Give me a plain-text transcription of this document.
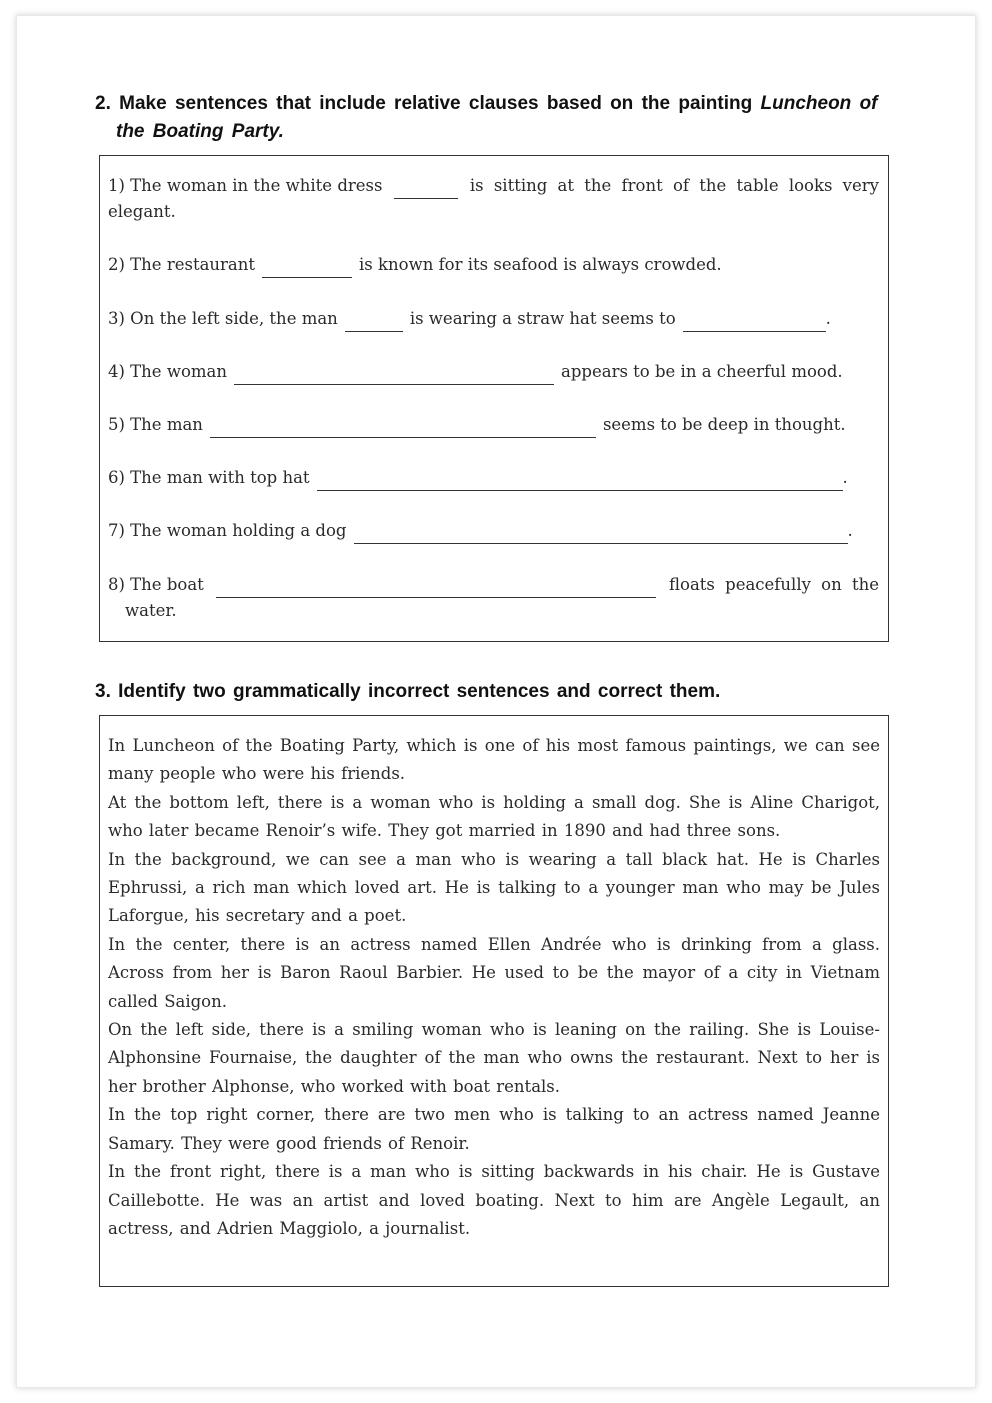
2. Make sentences that include relative clauses based on the painting Luncheon of
the Boating Party.
1) The woman in the white dress	is sitting at the front of the table looks very
elegant.
2) The restaurant	is known for its seafood is always crowded.
3) On the left side, the man	is wearing a straw hat seems to	.
4) The woman	appears to be in a cheerful mood.
5) The man	seems to be deep in thought.
6) The man with top hat	.
7) The woman holding a dog	.
8) The boat	floats peacefully on the
water.
3. Identify two grammatically incorrect sentences and correct them.

In Luncheon of the Boating Party, which is one of his most famous paintings, we can see many people who were his friends.

At the bottom left, there is a woman who is holding a small dog. She is Aline Charigot, who later became Renoir’s wife. They got married in 1890 and had three sons.

In the background, we can see a man who is wearing a tall black hat. He is Charles Ephrussi, a rich man which loved art. He is talking to a younger man who may be Jules Laforgue, his secretary and a poet.

In the center, there is an actress named Ellen Andrée who is drinking from a glass. Across from her is Baron Raoul Barbier. He used to be the mayor of a city in Vietnam called Saigon.

On the left side, there is a smiling woman who is leaning on the railing. She is Louise-Alphonsine Fournaise, the daughter of the man who owns the restaurant. Next to her is her brother Alphonse, who worked with boat rentals.

In the top right corner, there are two men who is talking to an actress named Jeanne Samary. They were good friends of Renoir.

In the front right, there is a man who is sitting backwards in his chair. He is Gustave Caillebotte. He was an artist and loved boating. Next to him are Angèle Legault, an actress, and Adrien Maggiolo, a journalist.
